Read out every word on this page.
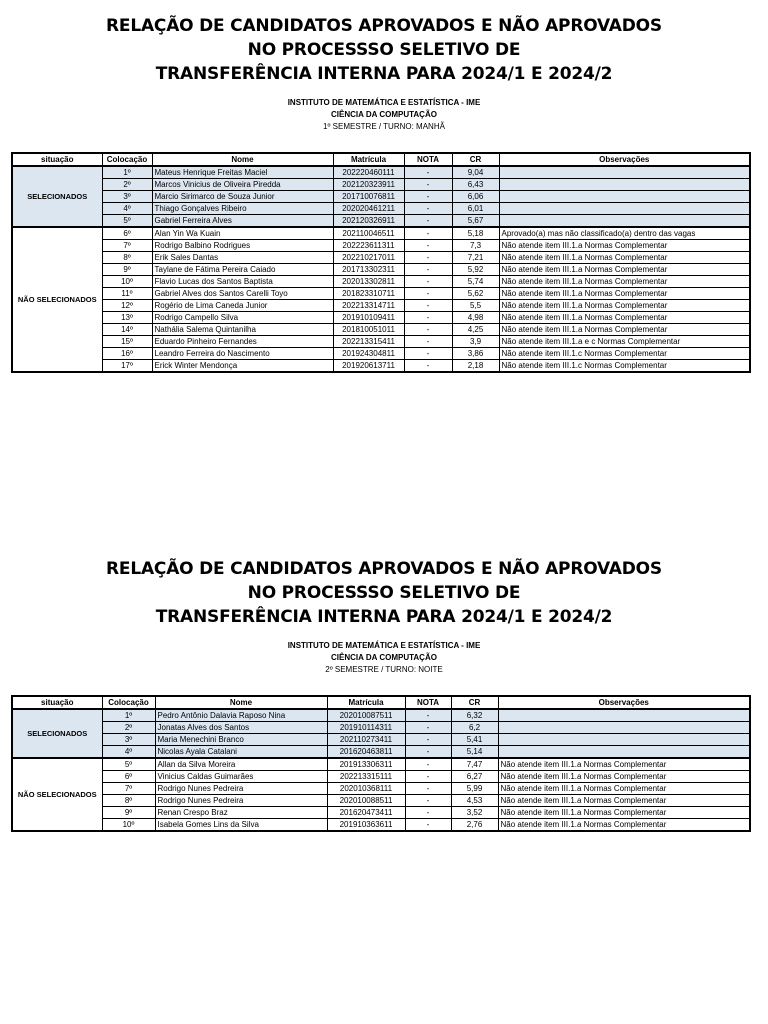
RELAÇÃO DE CANDIDATOS APROVADOS E NÃO APROVADOS
NO PROCESSSO SELETIVO DE
TRANSFERÊNCIA INTERNA PARA 2024/1 E 2024/2
INSTITUTO DE MATEMÁTICA E ESTATÍSTICA - IME
CIÊNCIA DA COMPUTAÇÃO
1º SEMESTRE / TURNO: MANHÃ
situação	Colocação	Nome	Matrícula	NOTA	CR	Observações
SELECIONADOS	1º	Mateus Henrique Freitas Maciel	202220460111	-	9,04	
	2º	Marcos Vinicius de Oliveira Piredda	202120323911	-	6,43	
	3º	Marcio Sirimarco de Souza Junior	201710076811	-	6,06	
	4º	Thiago Gonçalves Ribeiro	202020461211	-	6,01	
	5º	Gabriel Ferreira Alves	202120326911	-	5,67	
NÃO SELECIONADOS	6º	Alan Yin Wa Kuain	202110046511	-	5,18	Aprovado(a) mas não classificado(a) dentro das vagas
	7º	Rodrigo Balbino Rodrigues	202223611311	-	7,3	Não atende item III.1.a Normas Complementar
	8º	Erik Sales Dantas	202210217011	-	7,21	Não atende item III.1.a Normas Complementar
	9º	Taylane de Fátima Pereira Caiado	201713302311	-	5,92	Não atende item III.1.a Normas Complementar
	10º	Flavio Lucas dos Santos Baptista	202013302811	-	5,74	Não atende item III.1.a Normas Complementar
	11º	Gabriel Alves dos Santos Carelli Toyo	201823310711	-	5,62	Não atende item III.1.a Normas Complementar
	12º	Rogério de Lima Caneda Junior	202213314711	-	5,5	Não atende item III.1.a Normas Complementar
	13º	Rodrigo Campello Silva	201910109411	-	4,98	Não atende item III.1.a Normas Complementar
	14º	Nathália Salema Quintanilha	201810051011	-	4,25	Não atende item III.1.a Normas Complementar
	15º	Eduardo Pinheiro Fernandes	202213315411	-	3,9	Não atende item III.1.a e c Normas Complementar
	16º	Leandro Ferreira do Nascimento	201924304811	-	3,86	Não atende item III.1.c Normas Complementar
	17º	Erick Winter Mendonça	201920613711	-	2,18	Não atende item III.1.c Normas Complementar
RELAÇÃO DE CANDIDATOS APROVADOS E NÃO APROVADOS
NO PROCESSSO SELETIVO DE
TRANSFERÊNCIA INTERNA PARA 2024/1 E 2024/2
INSTITUTO DE MATEMÁTICA E ESTATÍSTICA - IME
CIÊNCIA DA COMPUTAÇÃO
2º SEMESTRE / TURNO: NOITE
situação	Colocação	Nome	Matrícula	NOTA	CR	Observações
SELECIONADOS	1º	Pedro Antônio Dalavia Raposo Nina	202010087511	-	6,32	
	2º	Jonatas Alves dos Santos	201910114311	-	6,2	
	3º	Maria Menechini Branco	202110273411	-	5,41	
	4º	Nicolas Ayala Catalani	201620463811	-	5,14	
NÃO SELECIONADOS	5º	Allan da Silva Moreira	201913306311	-	7,47	Não atende item III.1.a Normas Complementar
	6º	Vinicius Caldas Guimarães	202213315111	-	6,27	Não atende item III.1.a Normas Complementar
	7º	Rodrigo Nunes Pedreira	202010368111	-	5,99	Não atende item III.1.a Normas Complementar
	8º	Rodrigo Nunes Pedreira	202010088511	-	4,53	Não atende item III.1.a Normas Complementar
	9º	Renan Crespo Braz	201620473411	-	3,52	Não atende item III.1.a Normas Complementar
	10º	Isabela Gomes Lins da Silva	201910363611	-	2,76	Não atende item III.1.a Normas Complementar
